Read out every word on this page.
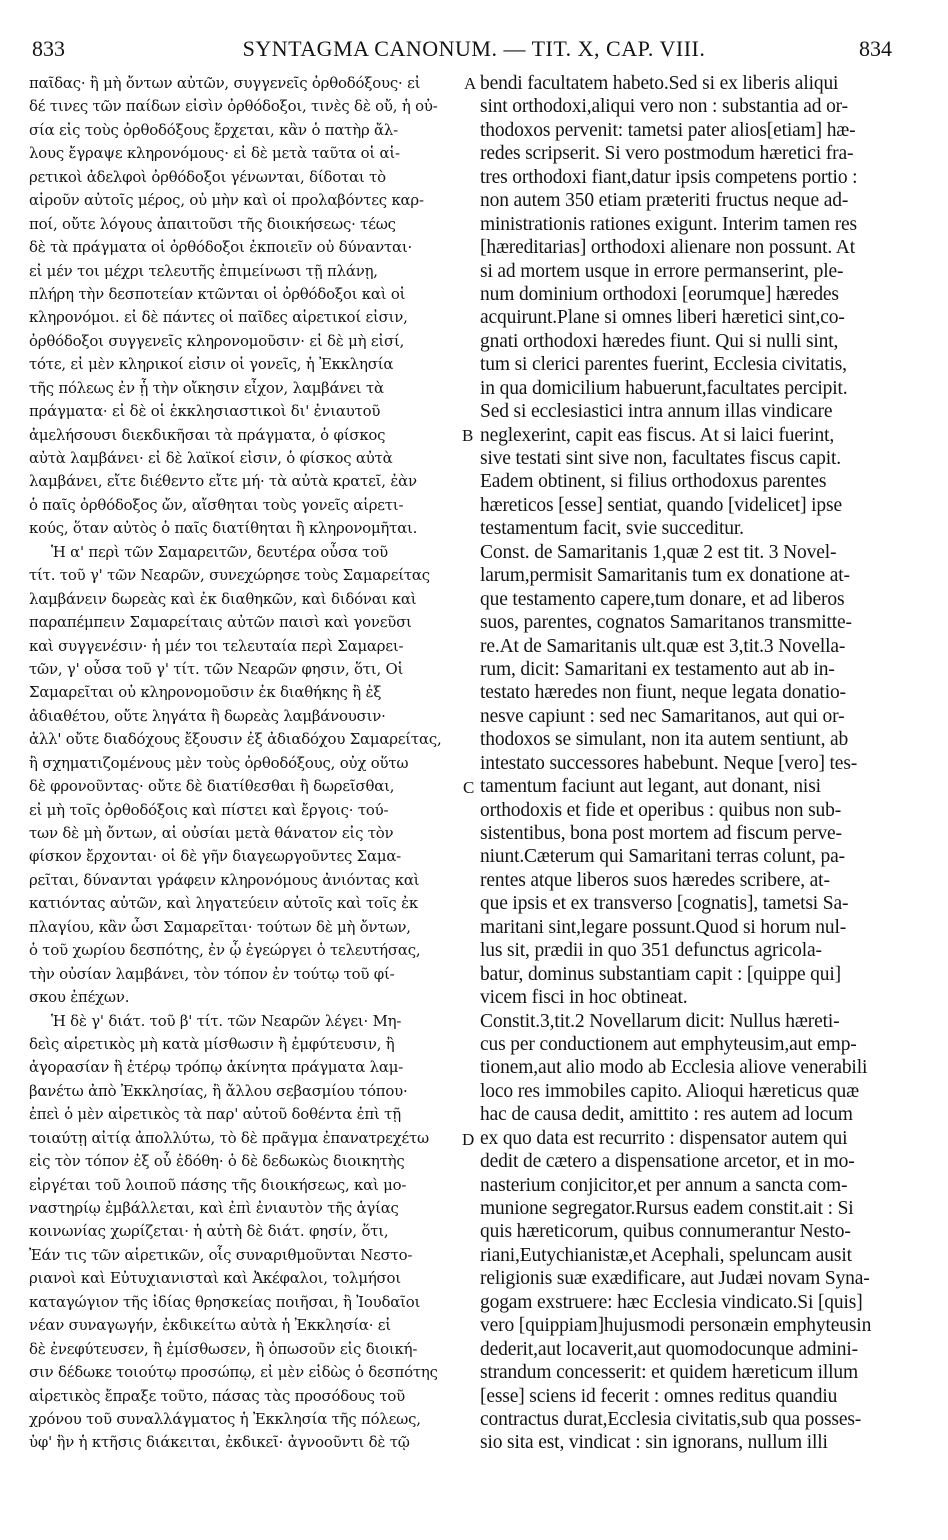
833	SYNTAGMA CANONUM. — TIT. X, CAP. VIII.	834
παῖδας· ἢ μὴ ὄντων αὐτῶν, συγγενεῖς ὀρθοδόξους· εἰ
δέ τινες τῶν παίδων εἰσὶν ὀρθόδοξοι, τινὲς δὲ οὔ, ἡ οὐ-
σία εἰς τοὺς ὀρθοδόξους ἔρχεται, κἂν ὁ πατὴρ ἄλ-
λους ἔγραψε κληρονόμους· εἰ δὲ μετὰ ταῦτα οἱ αἱ-
ρετικοὶ ἀδελφοὶ ὀρθόδοξοι γένωνται, δίδοται τὸ
αἱροῦν αὐτοῖς μέρος, οὐ μὴν καὶ οἱ προλαβόντες καρ-
ποί, οὔτε λόγους ἀπαιτοῦσι τῆς διοικήσεως· τέως
δὲ τὰ πράγματα οἱ ὀρθόδοξοι ἐκποιεῖν οὐ δύνανται·
εἰ μέν τοι μέχρι τελευτῆς ἐπιμείνωσι τῇ πλάνῃ,
πλήρη τὴν δεσποτείαν κτῶνται οἱ ὀρθόδοξοι καὶ οἱ
κληρονόμοι. εἰ δὲ πάντες οἱ παῖδες αἱρετικοί εἰσιν,
ὀρθόδοξοι συγγενεῖς κληρονομοῦσιν· εἰ δὲ μὴ εἰσί,
τότε, εἰ μὲν κληρικοί εἰσιν οἱ γονεῖς, ἡ Ἐκκλησία
τῆς πόλεως ἐν ᾗ τὴν οἴκησιν εἶχον, λαμβάνει τὰ
πράγματα· εἰ δὲ οἱ ἐκκλησιαστικοὶ δι' ἐνιαυτοῦ
ἀμελήσουσι διεκδικῆσαι τὰ πράγματα, ὁ φίσκος
αὐτὰ λαμβάνει· εἰ δὲ λαϊκοί εἰσιν, ὁ φίσκος αὐτὰ
λαμβάνει, εἴτε διέθεντο εἴτε μή· τὰ αὐτὰ κρατεῖ, ἐὰν
ὁ παῖς ὀρθόδοξος ὤν, αἴσθηται τοὺς γονεῖς αἱρετι-
κούς, ὅταν αὐτὸς ὁ παῖς διατίθηται ἢ κληρονομῆται.
Ἡ α' περὶ τῶν Σαμαρειτῶν, δευτέρα οὖσα τοῦ
τίτ. τοῦ γ' τῶν Νεαρῶν, συνεχώρησε τοὺς Σαμαρείτας
λαμβάνειν δωρεὰς καὶ ἐκ διαθηκῶν, καὶ διδόναι καὶ
παραπέμπειν Σαμαρείταις αὐτῶν παισὶ καὶ γονεῦσι
καὶ συγγενέσιν· ἡ μέν τοι τελευταία περὶ Σαμαρει-
τῶν, γ' οὖσα τοῦ γ' τίτ. τῶν Νεαρῶν φησιν, ὅτι, Οἱ
Σαμαρεῖται οὐ κληρονομοῦσιν ἐκ διαθήκης ἢ ἐξ
ἀδιαθέτου, οὔτε ληγάτα ἢ δωρεὰς λαμβάνουσιν·
ἀλλ' οὔτε διαδόχους ἔξουσιν ἐξ ἀδιαδόχου Σαμαρείτας,
ἢ σχηματιζομένους μὲν τοὺς ὀρθοδόξους, οὐχ οὕτω
δὲ φρονοῦντας· οὔτε δὲ διατίθεσθαι ἢ δωρεῖσθαι,
εἰ μὴ τοῖς ὀρθοδόξοις καὶ πίστει καὶ ἔργοις· τού-
των δὲ μὴ ὄντων, αἱ οὐσίαι μετὰ θάνατον εἰς τὸν
φίσκον ἔρχονται· οἱ δὲ γῆν διαγεωργοῦντες Σαμα-
ρεῖται, δύνανται γράφειν κληρονόμους ἀνιόντας καὶ
κατιόντας αὐτῶν, καὶ ληγατεύειν αὐτοῖς καὶ τοῖς ἐκ
πλαγίου, κἂν ὦσι Σαμαρεῖται· τούτων δὲ μὴ ὄντων,
ὁ τοῦ χωρίου δεσπότης, ἐν ᾧ ἐγεώργει ὁ τελευτήσας,
τὴν οὐσίαν λαμβάνει, τὸν τόπον ἐν τούτῳ τοῦ φί-
σκου ἐπέχων.
Ἡ δὲ γ' διάτ. τοῦ β' τίτ. τῶν Νεαρῶν λέγει· Μη-
δεὶς αἱρετικὸς μὴ κατὰ μίσθωσιν ἢ ἐμφύτευσιν, ἢ
ἀγορασίαν ἢ ἑτέρῳ τρόπῳ ἀκίνητα πράγματα λαμ-
βανέτω ἀπὸ Ἐκκλησίας, ἢ ἄλλου σεβασμίου τόπου·
ἐπεὶ ὁ μὲν αἱρετικὸς τὰ παρ' αὐτοῦ δοθέντα ἐπὶ τῇ
τοιαύτῃ αἰτίᾳ ἀπολλύτω, τὸ δὲ πρᾶγμα ἐπανατρεχέτω
εἰς τὸν τόπον ἐξ οὗ ἐδόθη· ὁ δὲ δεδωκὼς διοικητὴς
εἰργέται τοῦ λοιποῦ πάσης τῆς διοικήσεως, καὶ μο-
ναστηρίῳ ἐμβάλλεται, καὶ ἐπὶ ἐνιαυτὸν τῆς ἁγίας
κοινωνίας χωρίζεται· ἡ αὐτὴ δὲ διάτ. φησίν, ὅτι,
Ἐάν τις τῶν αἱρετικῶν, οἷς συναριθμοῦνται Νεστο-
ριανοὶ καὶ Εὐτυχιανισταὶ καὶ Ἀκέφαλοι, τολμήσοι
καταγώγιον τῆς ἰδίας θρησκείας ποιῆσαι, ἢ Ἰουδαῖοι
νέαν συναγωγήν, ἐκδικείτω αὐτὰ ἡ Ἐκκλησία· εἰ
δὲ ἐνεφύτευσεν, ἢ ἐμίσθωσεν, ἢ ὁπωσοῦν εἰς διοική-
σιν δέδωκε τοιούτῳ προσώπῳ, εἰ μὲν εἰδὼς ὁ δεσπότης
αἱρετικὸς ἔπραξε τοῦτο, πάσας τὰς προσόδους τοῦ
χρόνου τοῦ συναλλάγματος ἡ Ἐκκλησία τῆς πόλεως,
ὑφ' ἣν ἡ κτῆσις διάκειται, ἐκδικεῖ· ἀγνοοῦντι δὲ τῷ
bendi facultatem habeto.Sed si ex liberis aliqui
sint orthodoxi,aliqui vero non : substantia ad or-
thodoxos pervenit: tametsi pater alios[etiam] hæ-
redes scripserit. Si vero postmodum hæretici fra-
tres orthodoxi fiant,datur ipsis competens portio :
non autem 350 etiam præteriti fructus neque ad-
ministrationis rationes exigunt. Interim tamen res
[hæreditarias] orthodoxi alienare non possunt. At
si ad mortem usque in errore permanserint, ple-
num dominium orthodoxi [eorumque] hæredes
acquirunt.Plane si omnes liberi hæretici sint,co-
gnati orthodoxi hæredes fiunt. Qui si nulli sint,
tum si clerici parentes fuerint, Ecclesia civitatis,
in qua domicilium habuerunt,facultates percipit.
Sed si ecclesiastici intra annum illas vindicare
neglexerint, capit eas fiscus. At si laici fuerint,
sive testati sint sive non, facultates fiscus capit.
Eadem obtinent, si filius orthodoxus parentes
hæreticos [esse] sentiat, quando [videlicet] ipse
testamentum facit, svie succeditur.
Const. de Samaritanis 1,quæ 2 est tit. 3 Novel-
larum,permisit Samaritanis tum ex donatione at-
que testamento capere,tum donare, et ad liberos
suos, parentes, cognatos Samaritanos transmitte-
re.At de Samaritanis ult.quæ est 3,tit.3 Novella-
rum, dicit: Samaritani ex testamento aut ab in-
testato hæredes non fiunt, neque legata donatio-
nesve capiunt : sed nec Samaritanos, aut qui or-
thodoxos se simulant, non ita autem sentiunt, ab
intestato successores habebunt. Neque [vero] tes-
tamentum faciunt aut legant, aut donant, nisi
orthodoxis et fide et operibus : quibus non sub-
sistentibus, bona post mortem ad fiscum perve-
niunt.Cæterum qui Samaritani terras colunt, pa-
rentes atque liberos suos hæredes scribere, at-
que ipsis et ex transverso [cognatis], tametsi Sa-
maritani sint,legare possunt.Quod si horum nul-
lus sit, prædii in quo 351 defunctus agricola-
batur, dominus substantiam capit : [quippe qui]
vicem fisci in hoc obtineat.
Constit.3,tit.2 Novellarum dicit: Nullus hæreti-
cus per conductionem aut emphyteusim,aut emp-
tionem,aut alio modo ab Ecclesia aliove venerabili
loco res immobiles capito. Alioqui hæreticus quæ
hac de causa dedit, amittito : res autem ad locum
ex quo data est recurrito : dispensator autem qui
dedit de cætero a dispensatione arcetor, et in mo-
nasterium conjicitor,et per annum a sancta com-
munione segregator.Rursus eadem constit.ait : Si
quis hæreticorum, quibus connumerantur Nesto-
riani,Eutychianistæ,et Acephali, speluncam ausit
religionis suæ exædificare, aut Judæi novam Syna-
gogam exstruere: hæc Ecclesia vindicato.Si [quis]
vero [quippiam]hujusmodi personæin emphyteusin
dederit,aut locaverit,aut quomodocunque admini-
strandum concesserit: et quidem hæreticum illum
[esse] sciens id fecerit : omnes reditus quandiu
contractus durat,Ecclesia civitatis,sub qua posses-
sio sita est, vindicat : sin ignorans, nullum illi
A
B
C
D
